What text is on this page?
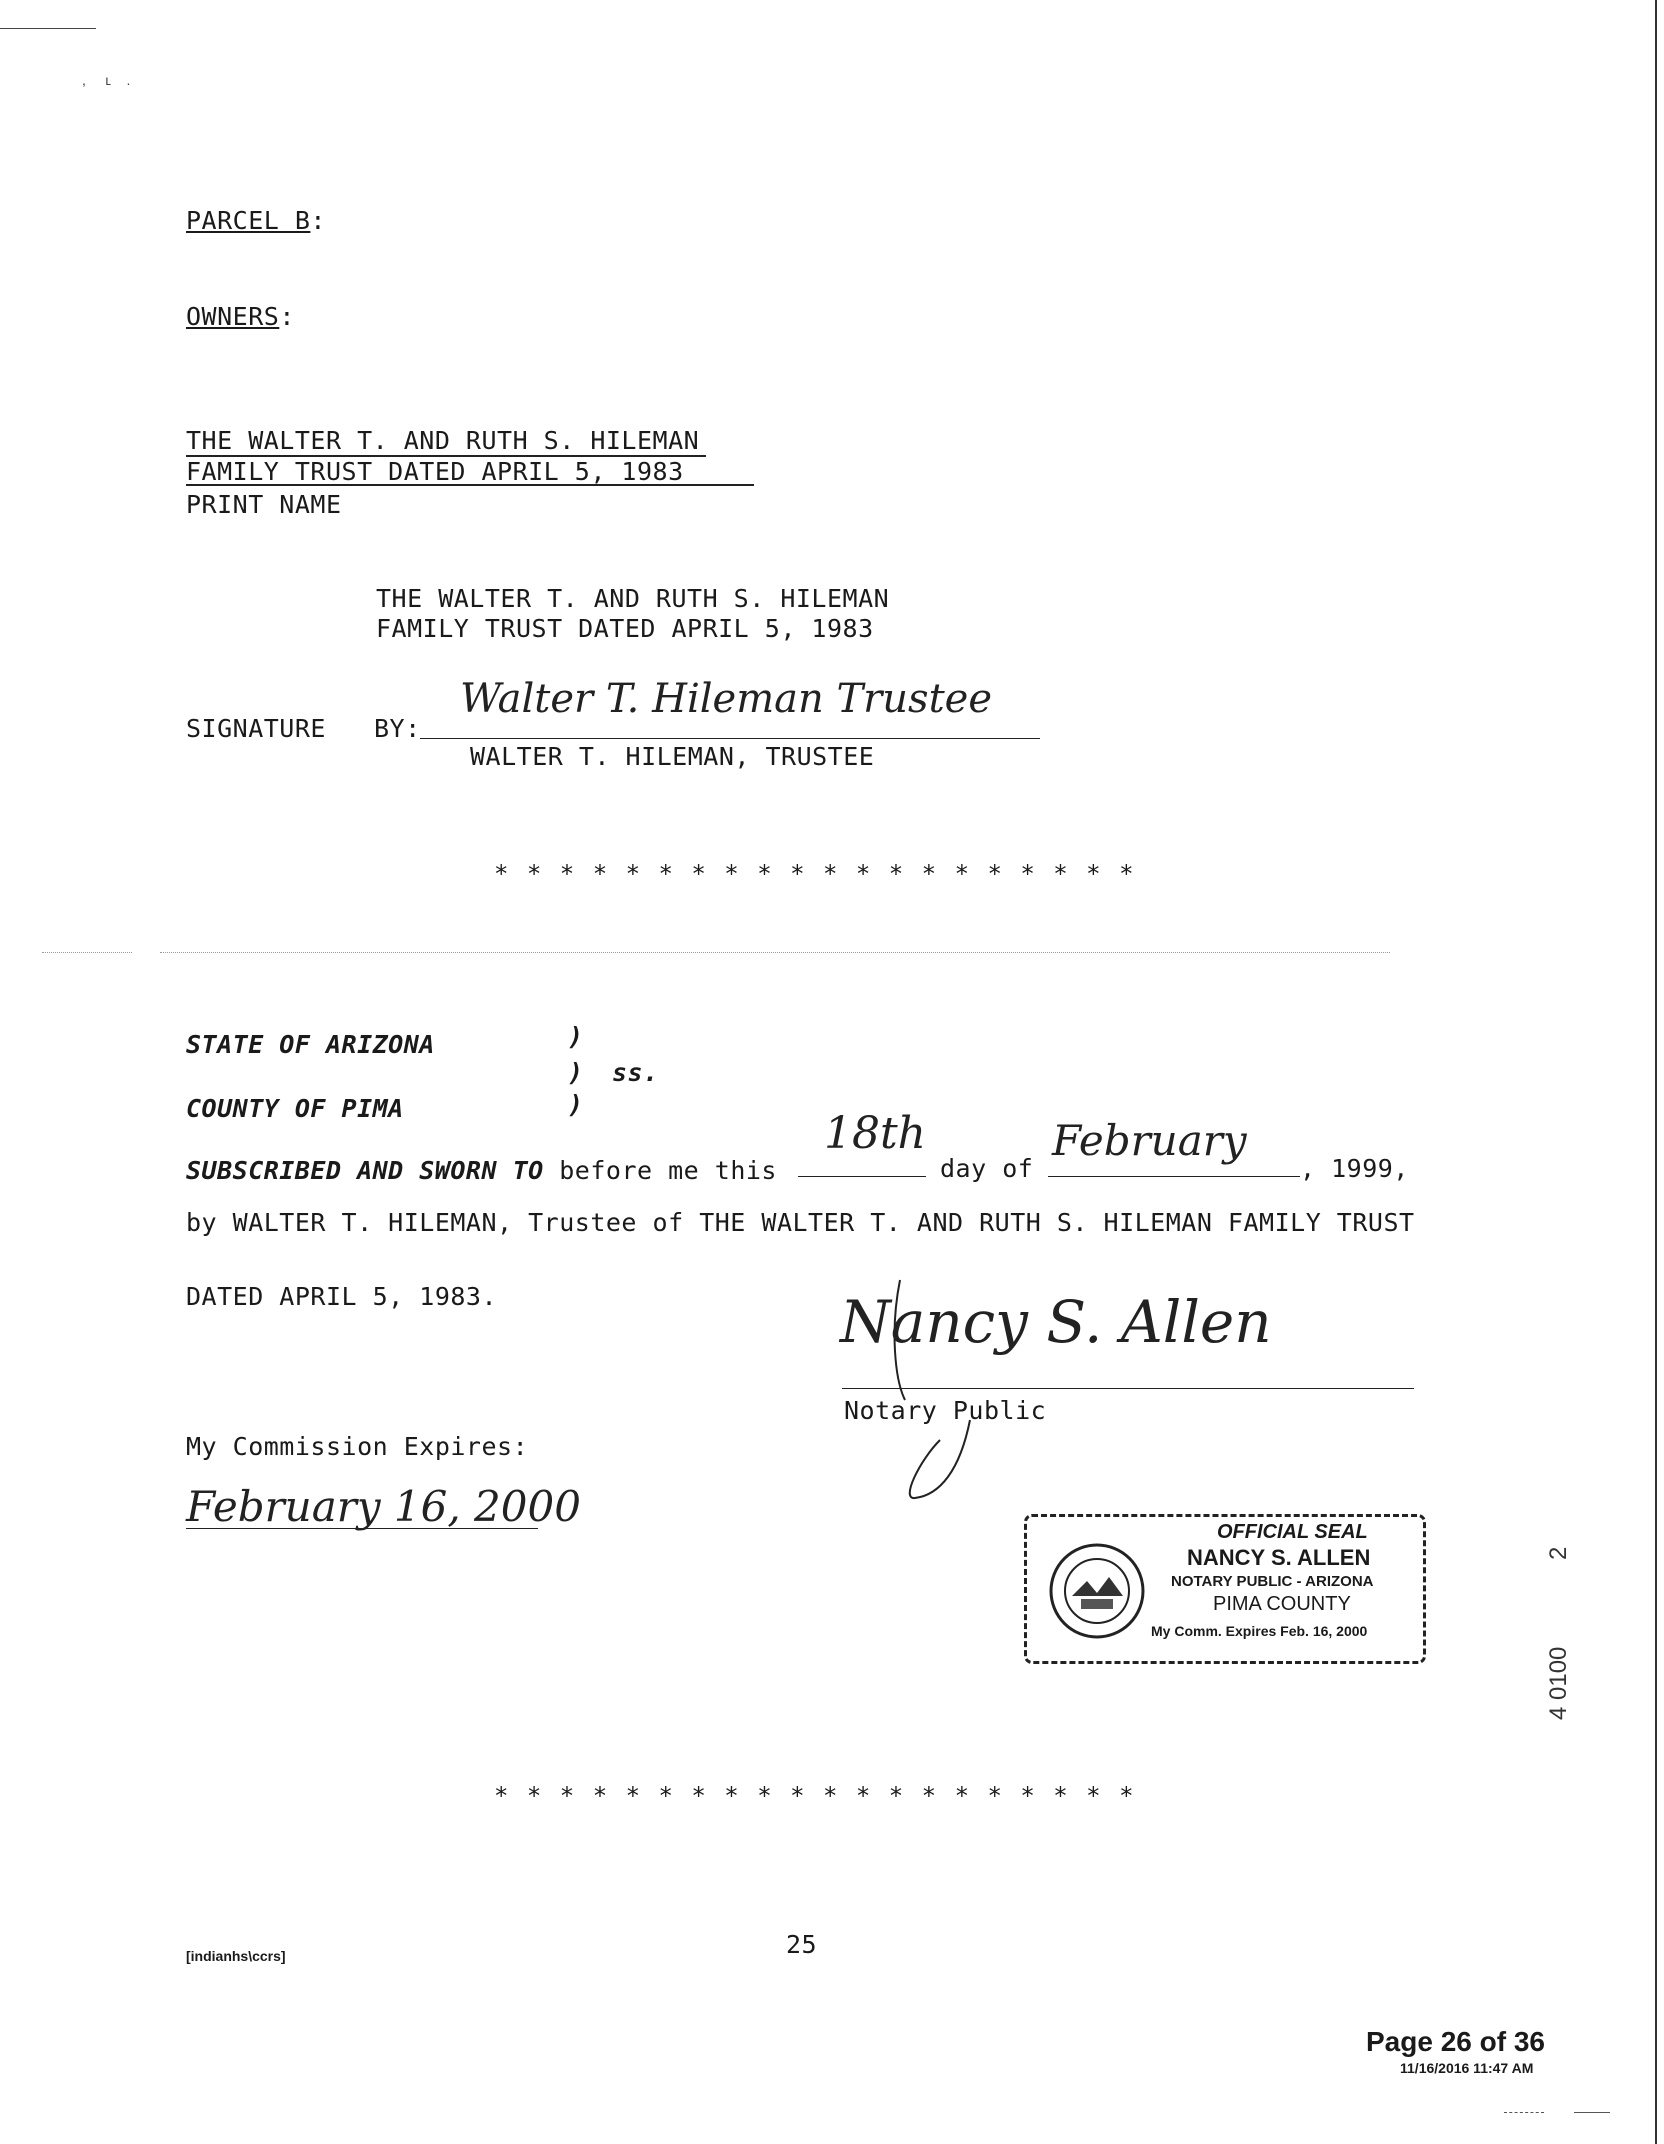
,     ʟ    .
PARCEL B:
OWNERS:
THE WALTER T. AND RUTH S. HILEMAN
FAMILY TRUST DATED APRIL 5, 1983
PRINT NAME
THE WALTER T. AND RUTH S. HILEMAN
FAMILY TRUST DATED APRIL 5, 1983
SIGNATURE BY:
Walter T. Hileman Trustee
WALTER T. HILEMAN, TRUSTEE
* * * * * * * * * * * * * * * * * * * *
STATE OF ARIZONA	)
) ss.
COUNTY OF PIMA	)
SUBSCRIBED AND SWORN TO before me this
18th
day of
February
, 1999,
by WALTER T. HILEMAN, Trustee of THE WALTER T. AND RUTH S. HILEMAN FAMILY TRUST
DATED APRIL 5, 1983.	Nancy S. Allen
Notary Public
My Commission Expires:
February 16, 2000
OFFICIAL SEAL
NANCY S. ALLEN
NOTARY PUBLIC - ARIZONA
PIMA COUNTY
My Comm. Expires Feb. 16, 2000
4 0100
2
* * * * * * * * * * * * * * * * * * * *
[indianhs\ccrs]	25
Page 26 of 36
11/16/2016 11:47 AM
